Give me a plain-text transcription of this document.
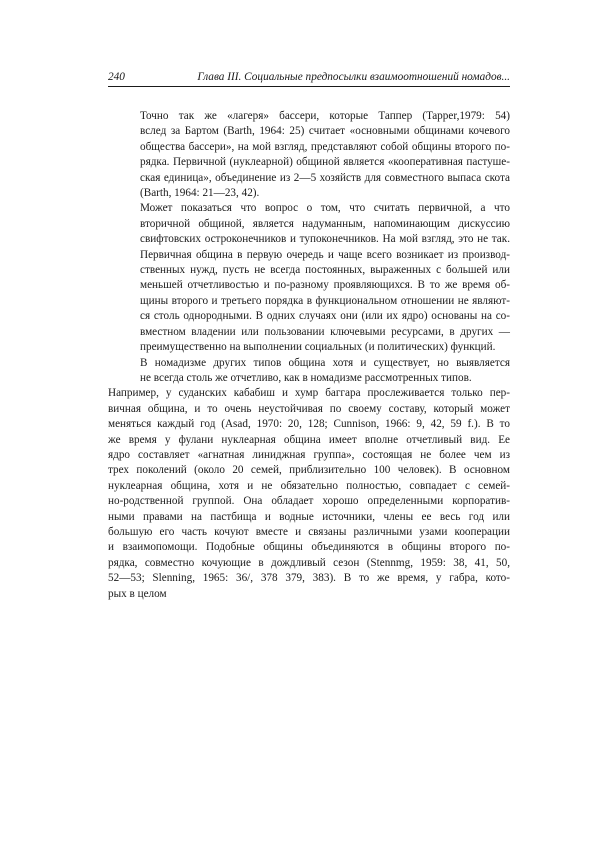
240	Глава III. Социальные предпосылки взаимоотношений номадов...

Точно так же «лагеря» бассери, которые Таппер (Tapper,1979: 54)
вслед за Бартом (Barth, 1964: 25) считает «основными общинами кочевого
общества бассери», на мой взгляд, представляют собой общины второго по-
рядка. Первичной (нуклеарной) общиной является «кооперативная пастуше-
ская единица», объединение из 2—5 хозяйств для совместного выпаса скота
(Barth, 1964: 21—23, 42).

Может показаться что вопрос о том, что считать первичной, а что
вторичной общиной, является надуманным, напоминающим дискуссию
свифтовских остроконечников и тупоконечников. На мой взгляд, это не так.
Первичная община в первую очередь и чаще всего возникает из производ-
ственных нужд, пусть не всегда постоянных, выраженных с большей или
меньшей отчетливостью и по-разному проявляющихся. В то же время об-
щины второго и третьего порядка в функциональном отношении не являют-
ся столь однородными. В одних случаях они (или их ядро) основаны на со-
вместном владении или пользовании ключевыми ресурсами, в других —
преимущественно на выполнении социальных (и политических) функций.

В номадизме других типов община хотя и существует, но выявляется
не всегда столь же отчетливо, как в номадизме рассмотренных типов.

Например, у суданских кабабиш и хумр баггара прослеживается только пер-
вичная община, и то очень неустойчивая по своему составу, который может
меняться каждый год (Asad, 1970: 20, 128; Cunnison, 1966: 9, 42, 59 f.). В то
же время у фулани нуклеарная община имеет вполне отчетливый вид. Ее
ядро составляет «агнатная линиджная группа», состоящая не более чем из
трех поколений (около 20 семей, приблизительно 100 человек). В основном
нуклеарная община, хотя и не обязательно полностью, совпадает с семей-
но-родственной группой. Она обладает хорошо определенными корпоратив-
ными правами на пастбища и водные источники, члены ее весь год или
большую его часть кочуют вместе и связаны различными узами кооперации
и взаимопомощи. Подобные общины объединяются в общины второго по-
рядка, совместно кочующие в дождливый сезон (Stennmg, 1959: 38, 41, 50,
52—53; Slenning, 1965: 36/, 378 379, 383). В то же время, у габра, кото-
рых в целом
